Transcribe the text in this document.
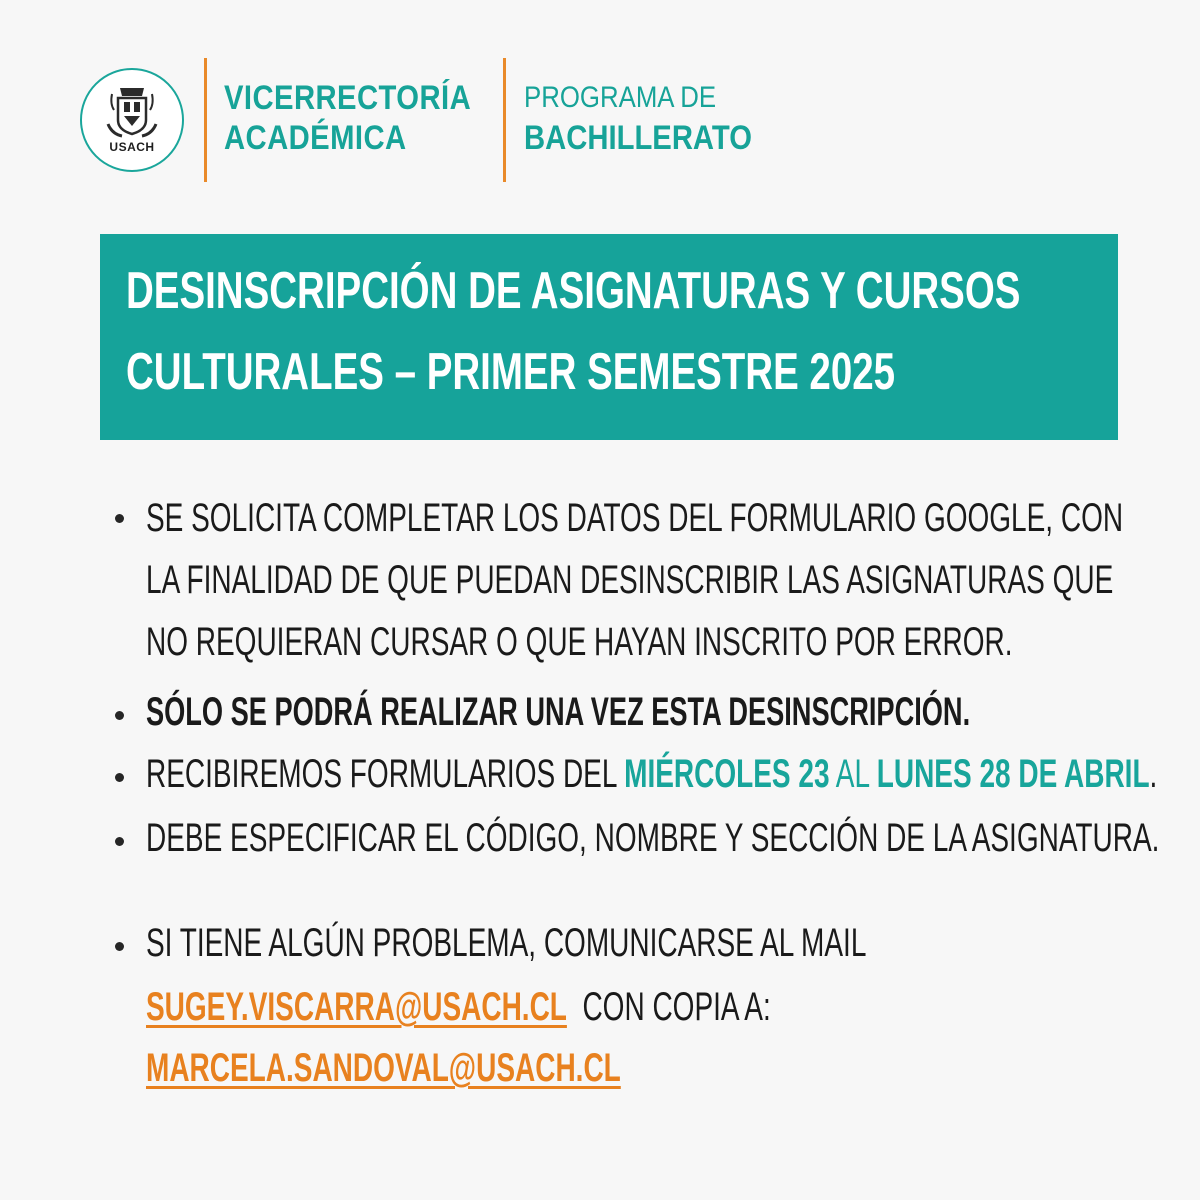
USACH
VICERRECTORÍA
ACADÉMICA
PROGRAMA DE
BACHILLERATO
DESINSCRIPCIÓN DE ASIGNATURAS Y CURSOS
CULTURALES – PRIMER SEMESTRE 2025
SE SOLICITA COMPLETAR LOS DATOS DEL FORMULARIO GOOGLE, CON
LA FINALIDAD DE QUE PUEDAN DESINSCRIBIR LAS ASIGNATURAS QUE
NO REQUIERAN CURSAR O QUE HAYAN INSCRITO POR ERROR.
SÓLO SE PODRÁ REALIZAR UNA VEZ ESTA DESINSCRIPCIÓN.
RECIBIREMOS FORMULARIOS DEL MIÉRCOLES 23 AL LUNES 28 DE ABRIL.
DEBE ESPECIFICAR EL CÓDIGO, NOMBRE Y SECCIÓN DE LA ASIGNATURA.
SI TIENE ALGÚN PROBLEMA, COMUNICARSE AL MAIL
SUGEY.VISCARRA@USACH.CL  CON COPIA A:
MARCELA.SANDOVAL@USACH.CL
